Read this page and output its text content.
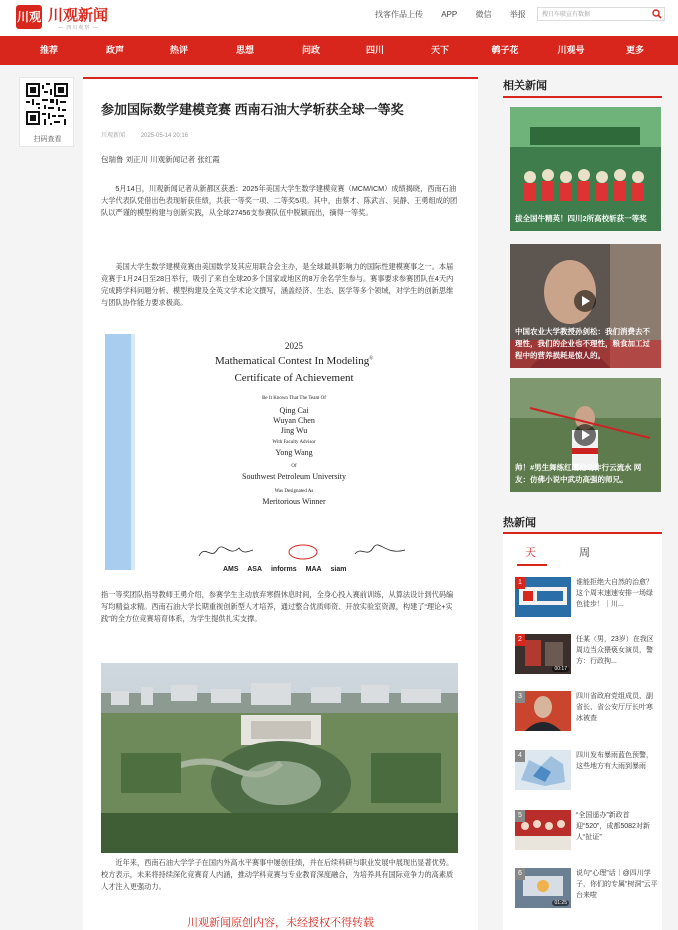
川观 川观新闻
— 四川观察 —
找客作品上传 APP 微信 举报	搜日车联宣有数据
推荐	政声	热评	思想	问政	四川	天下	鹌子花	川观号	更多
扫码查看
参加国际数学建模竞赛 西南石油大学斩获全球一等奖
川观新闻	2025-05-14 20:16
包瑞鲁 刘正川 川观新闻记者 张红霞
5月14日，川观新闻记者从新都区获悉：2025年美国大学生数学建模竞赛（MCM/ICM）成绩揭晓，西南石油大学代表队凭借出色表现斩获佳绩，共获一等奖一项、二等奖5项。其中，由蔡才、陈武言、吴静、王勇组成的团队以严谨的模型构建与创新实践，从全球27456支参赛队伍中脱颖而出，摘得一等奖。
美国大学生数学建模竞赛由美国数学及其应用联合会主办，是全球最具影响力的国际性建模赛事之一。本届竞赛于1月24日至28日举行，吸引了来自全球20多个国家或地区的8万余名学生参与。赛事要求参赛团队在4天内完成跨学科问题分析、模型构建及全英文学术论文撰写，涵盖经济、生态、医学等多个领域，对学生的创新思维与团队协作能力要求极高。
2025
Mathematical Contest In Modeling®
Certificate of Achievement
Be It Known That The Team Of
Qing Cai
Wuyan Chen
Jing Wu
With Faculty Advisor
Yong Wang
Of
Southwest Petroleum University
Was Designated As
Meritorious Winner
AMS ASA informs MAA siam
指一等奖团队指导教师王勇介绍，参赛学生主动放弃寒假休息时间，全身心投入赛前训练，从算法设计到代码编写均精益求精。西南石油大学长期重视创新型人才培养，通过整合优质师资、开放实验室资源，构建了“理论+实践”的全方位竞赛培育体系，为学生提供扎实支撑。
近年来，西南石油大学学子在国内外高水平赛事中屡创佳绩，并在后续科研与职业发展中展现出显著优势。校方表示，未来将持续深化竞赛育人内涵，推动学科竞赛与专业教育深度融合，为培养具有国际竞争力的高素质人才注入更强动力。
川观新闻原创内容，未经授权不得转载
相关新闻
拔全国牛精英！四川2所高校斩获一等奖
中国农业大学教授孙剑松：我们消费去不理性，我们的企业也不理性，粮食加工过程中的营养损耗是惊人的。
帅！#男生舞练红缨枪动作行云流水 网友：仿佛小说中武功高强的师兄。
热新闻
天	周
1	谁能拒绝大自然的治愈？这个周末速速安排一场绿色徒步！｜川...
00:17
2	任某（男，23岁）在我区周边当众猥亵女演员，警方：行政拘...
3	四川省政府党组成员、副省长、省公安厅厅长叶寒冰被查
4	四川发布暴雨蓝色预警，这些地方有大雨到暴雨
5	“全国遥办”新政首迎“520”，成都5082对新人“扯证”
01:25
6	说句“心理”话｜@四川学子，你们的专属“树洞”云平台来啦
